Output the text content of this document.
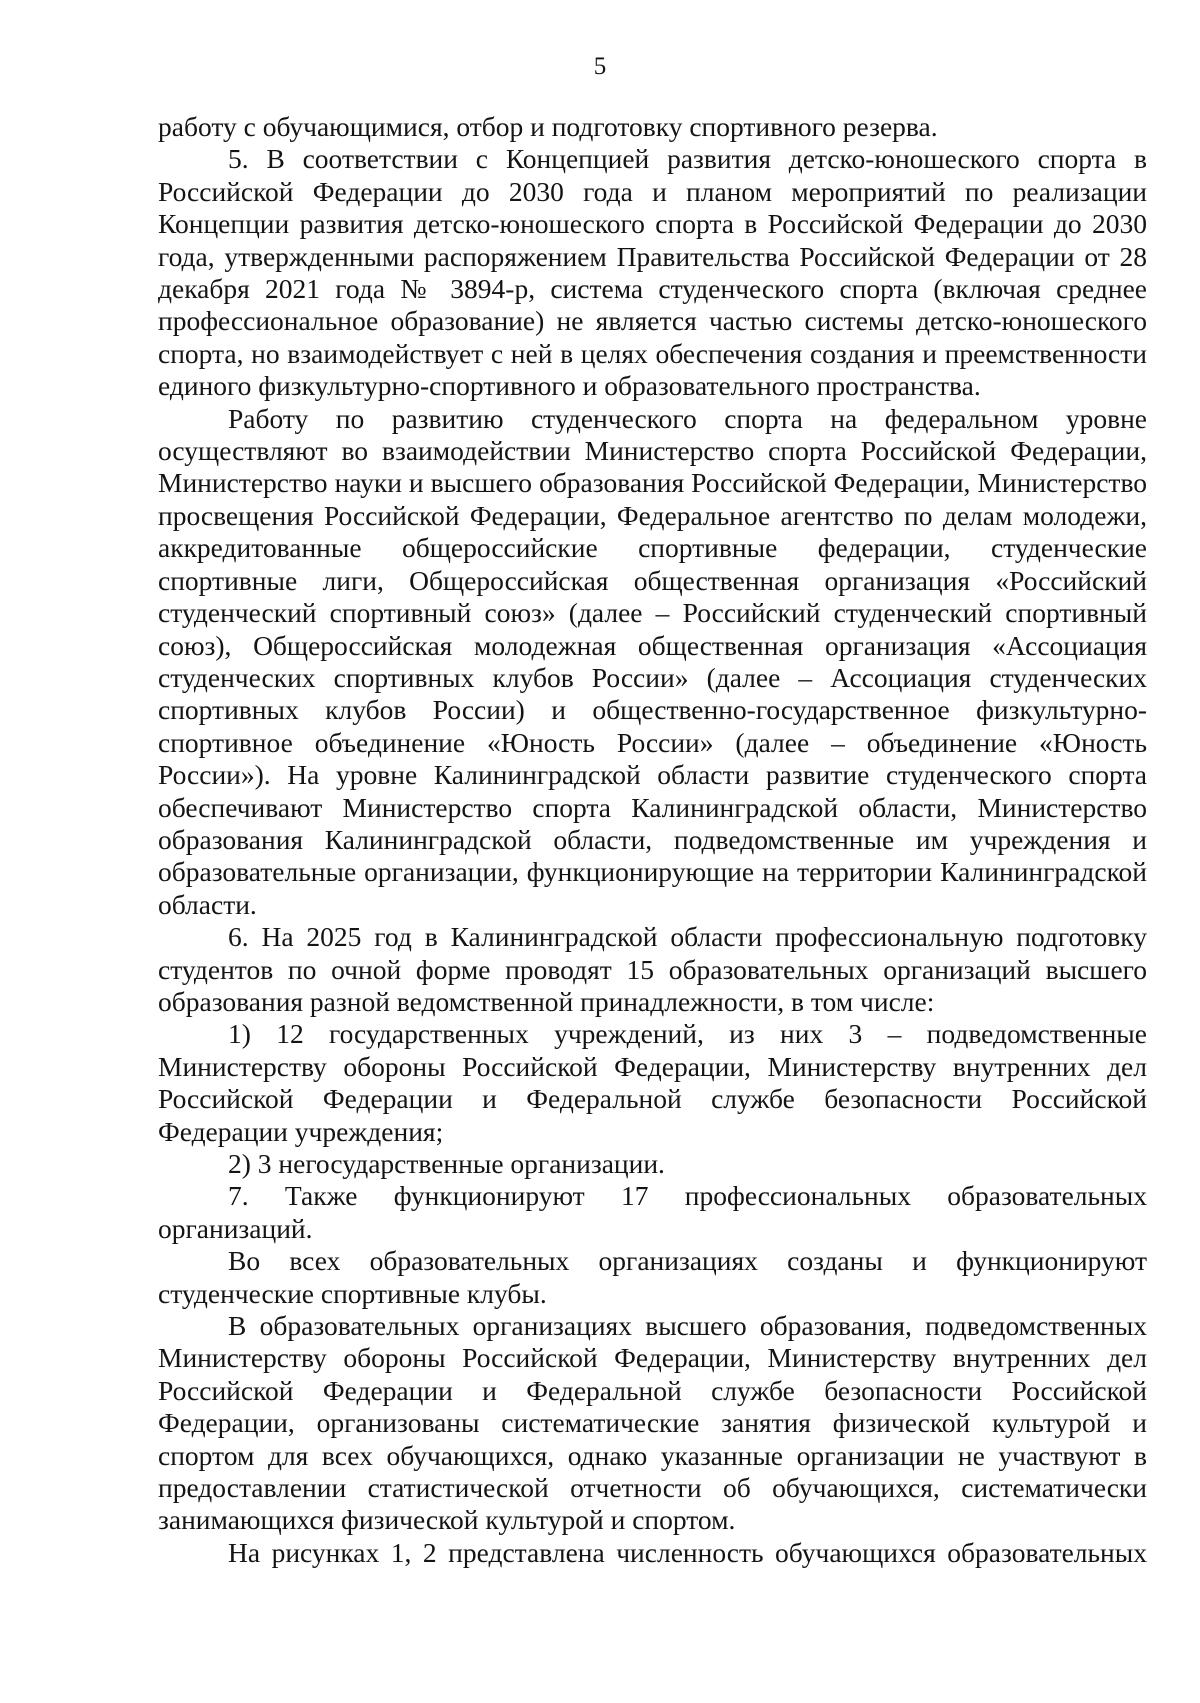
5

работу с обучающимися, отбор и подготовку спортивного резерва.

5. В соответствии с Концепцией развития детско-юношеского спорта в Российской Федерации до 2030 года и планом мероприятий по реализации Концепции развития детско-юношеского спорта в Российской Федерации до 2030 года, утвержденными распоряжением Правительства Российской Федерации от 28 декабря 2021 года № 3894-р, система студенческого спорта (включая среднее профессиональное образование) не является частью системы детско-юношеского спорта, но взаимодействует с ней в целях обеспечения создания и преемственности единого физкультурно-спортивного и образовательного пространства.

Работу по развитию студенческого спорта на федеральном уровне осуществляют во взаимодействии Министерство спорта Российской Федерации, Министерство науки и высшего образования Российской Федерации, Министерство просвещения Российской Федерации, Федеральное агентство по делам молодежи, аккредитованные общероссийские спортивные федерации, студенческие спортивные лиги, Общероссийская общественная организация «Российский студенческий спортивный союз» (далее – Российский студенческий спортивный союз), Общероссийская молодежная общественная организация «Ассоциация студенческих спортивных клубов России» (далее – Ассоциация студенческих спортивных клубов России) и общественно-государственное физкультурно-спортивное объединение «Юность России» (далее – объединение «Юность России»). На уровне Калининградской области развитие студенческого спорта обеспечивают Министерство спорта Калининградской области, Министерство образования Калининградской области, подведомственные им учреждения и образовательные организации, функционирующие на территории Калининградской области.

6. На 2025 год в Калининградской области профессиональную подготовку студентов по очной форме проводят 15 образовательных организаций высшего образования разной ведомственной принадлежности, в том числе:

1) 12 государственных учреждений, из них 3 – подведомственные Министерству обороны Российской Федерации, Министерству внутренних дел Российской Федерации и Федеральной службе безопасности Российской Федерации учреждения;

2) 3 негосударственные организации.

7. Также функционируют 17 профессиональных образовательных организаций.

Во всех образовательных организациях созданы и функционируют студенческие спортивные клубы.

В образовательных организациях высшего образования, подведомственных Министерству обороны Российской Федерации, Министерству внутренних дел Российской Федерации и Федеральной службе безопасности Российской Федерации, организованы систематические занятия физической культурой и спортом для всех обучающихся, однако указанные организации не участвуют в предоставлении статистической отчетности об обучающихся, систематически занимающихся физической культурой и спортом.

На рисунках 1, 2 представлена численность обучающихся образовательных
